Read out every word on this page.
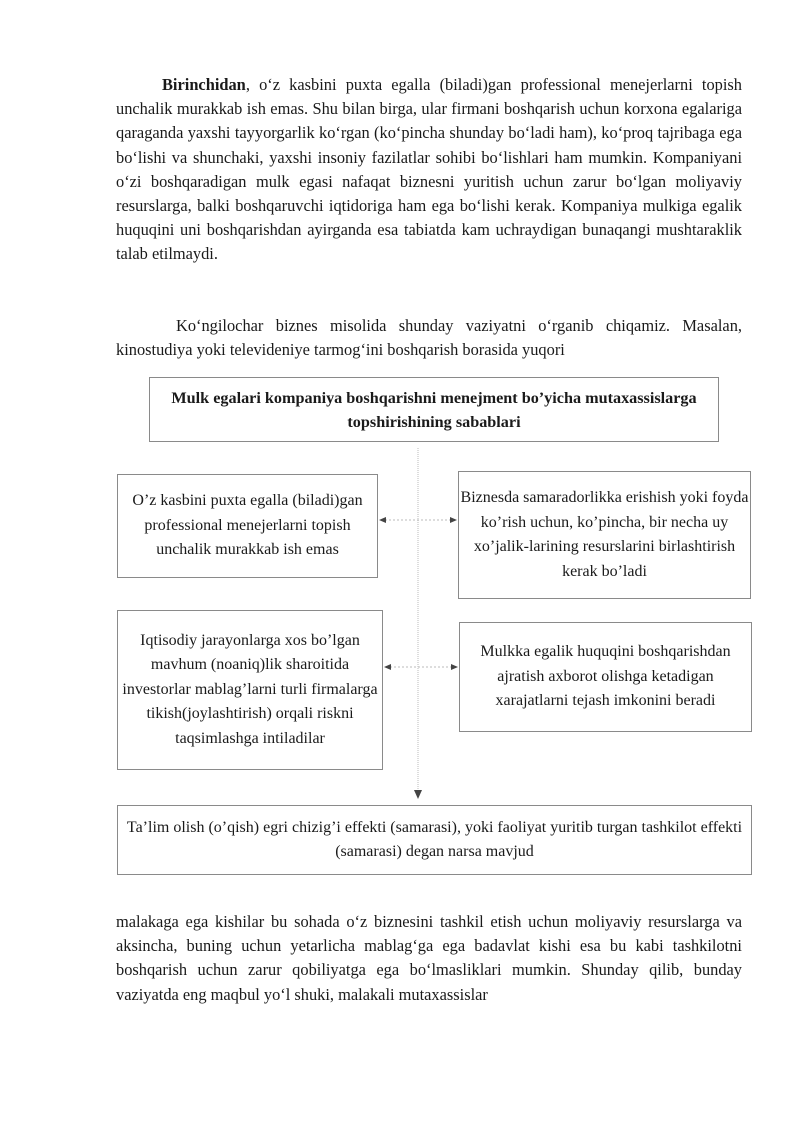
Birinchidan, o‘z kasbini puxta egalla (biladi)gan professional menejerlarni topish unchalik murakkab ish emas. Shu bilan birga, ular firmani boshqarish uchun korxona egalariga qaraganda yaxshi tayyorgarlik ko‘rgan (ko‘pincha shunday bo‘ladi ham), ko‘proq tajribaga ega bo‘lishi va shunchaki, yaxshi insoniy fazilatlar sohibi bo‘lishlari ham mumkin. Kompaniyani o‘zi boshqaradigan mulk egasi nafaqat biznesni yuritish uchun zarur bo‘lgan moliyaviy resurslarga, balki boshqaruvchi iqtidoriga ham ega bo‘lishi kerak. Kompaniya mulkiga egalik huquqini uni boshqarishdan ayirganda esa tabiatda kam uchraydigan bunaqangi mushtaraklik talab etilmaydi.

Ko‘ngilochar biznes misolida shunday vaziyatni o‘rganib chiqamiz. Masalan, kinostudiya yoki televideniye tarmog‘ini boshqarish borasida yuqori

Mulk egalari kompaniya boshqarishni menejment bo’yicha mutaxassislarga topshirishining sabablari
O’z kasbini puxta egalla (biladi)gan professional menejerlarni topish unchalik murakkab ish emas
Biznesda samaradorlikka erishish yoki foyda ko’rish uchun, ko’pincha, bir necha uy xo’jalik-larining resurslarini birlashtirish kerak bo’ladi
Iqtisodiy jarayonlarga xos bo’lgan mavhum (noaniq)lik sharoitida investorlar mablag’larni turli firmalarga tikish(joylashtirish) orqali riskni taqsimlashga intiladilar
Mulkka egalik huquqini boshqarishdan ajratish axborot olishga ketadigan xarajatlarni tejash imkonini beradi
Ta’lim olish (o’qish) egri chizig’i effekti (samarasi), yoki faoliyat yuritib turgan tashkilot effekti (samarasi) degan narsa mavjud

malakaga ega kishilar bu sohada o‘z biznesini tashkil etish uchun moliyaviy resurslarga va aksincha, buning uchun yetarlicha mablag‘ga ega badavlat kishi esa bu kabi tashkilotni boshqarish uchun zarur qobiliyatga ega bo‘lmasliklari mumkin. Shunday qilib, bunday vaziyatda eng maqbul yo‘l shuki, malakali mutaxassislar
